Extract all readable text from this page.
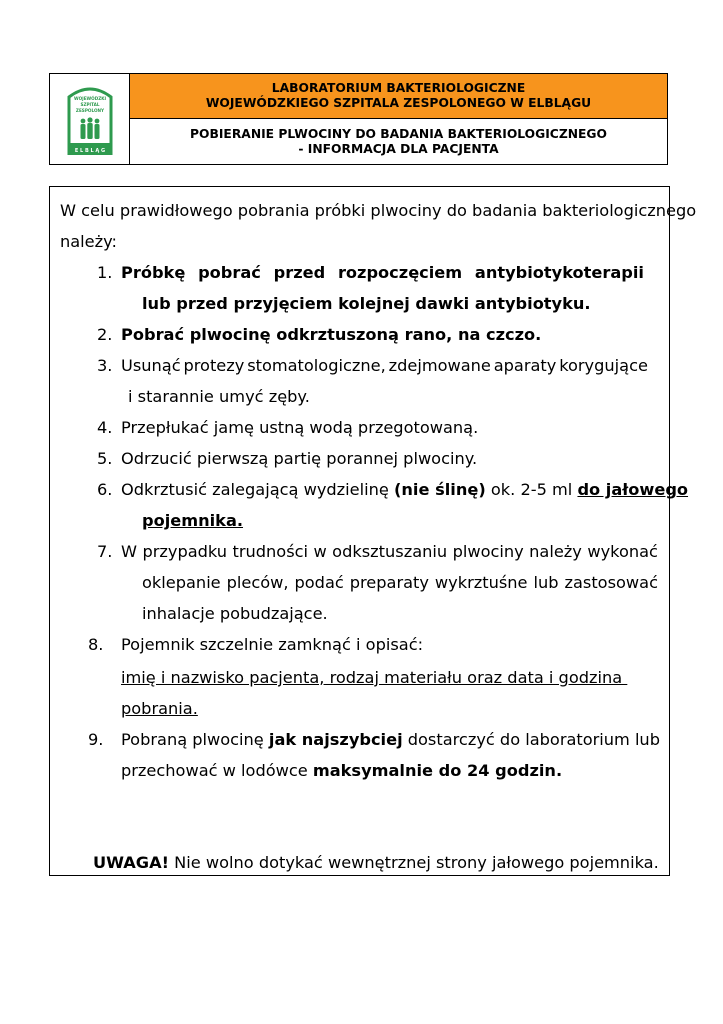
WOJEWÓDZKI
SZPITAL
ZESPOLONY
E L B L Ą G
LABORATORIUM BAKTERIOLOGICZNE
WOJEWÓDZKIEGO SZPITALA ZESPOLONEGO W ELBLĄGU
POBIERANIE PLWOCINY DO BADANIA BAKTERIOLOGICZNEGO
- INFORMACJA DLA PACJENTA
W celu prawidłowego pobrania próbki plwociny do badania bakteriologicznego
należy:
1. Próbkę pobrać przed rozpoczęciem antybiotykoterapii
lub przed przyjęciem kolejnej dawki antybiotyku.
2. Pobrać plwocinę odkrztuszoną rano, na czczo.
3. Usunąć protezy stomatologiczne, zdejmowane aparaty korygujące
i starannie umyć zęby.
4. Przepłukać jamę ustną wodą przegotowaną.
5. Odrzucić pierwszą partię porannej plwociny.
6. Odkrztusić zalegającą wydzielinę (nie ślinę) ok. 2-5 ml do jałowego
pojemnika.
7. W przypadku trudności w odksztuszaniu plwociny należy wykonać
oklepanie pleców, podać preparaty wykrztuśne lub zastosować
inhalacje pobudzające.
8. Pojemnik szczelnie zamknąć i opisać:
imię i nazwisko pacjenta, rodzaj materiału oraz data i godzina
pobrania.
9. Pobraną plwocinę jak najszybciej dostarczyć do laboratorium lub
przechować w lodówce maksymalnie do 24 godzin.
UWAGA! Nie wolno dotykać wewnętrznej strony jałowego pojemnika.
